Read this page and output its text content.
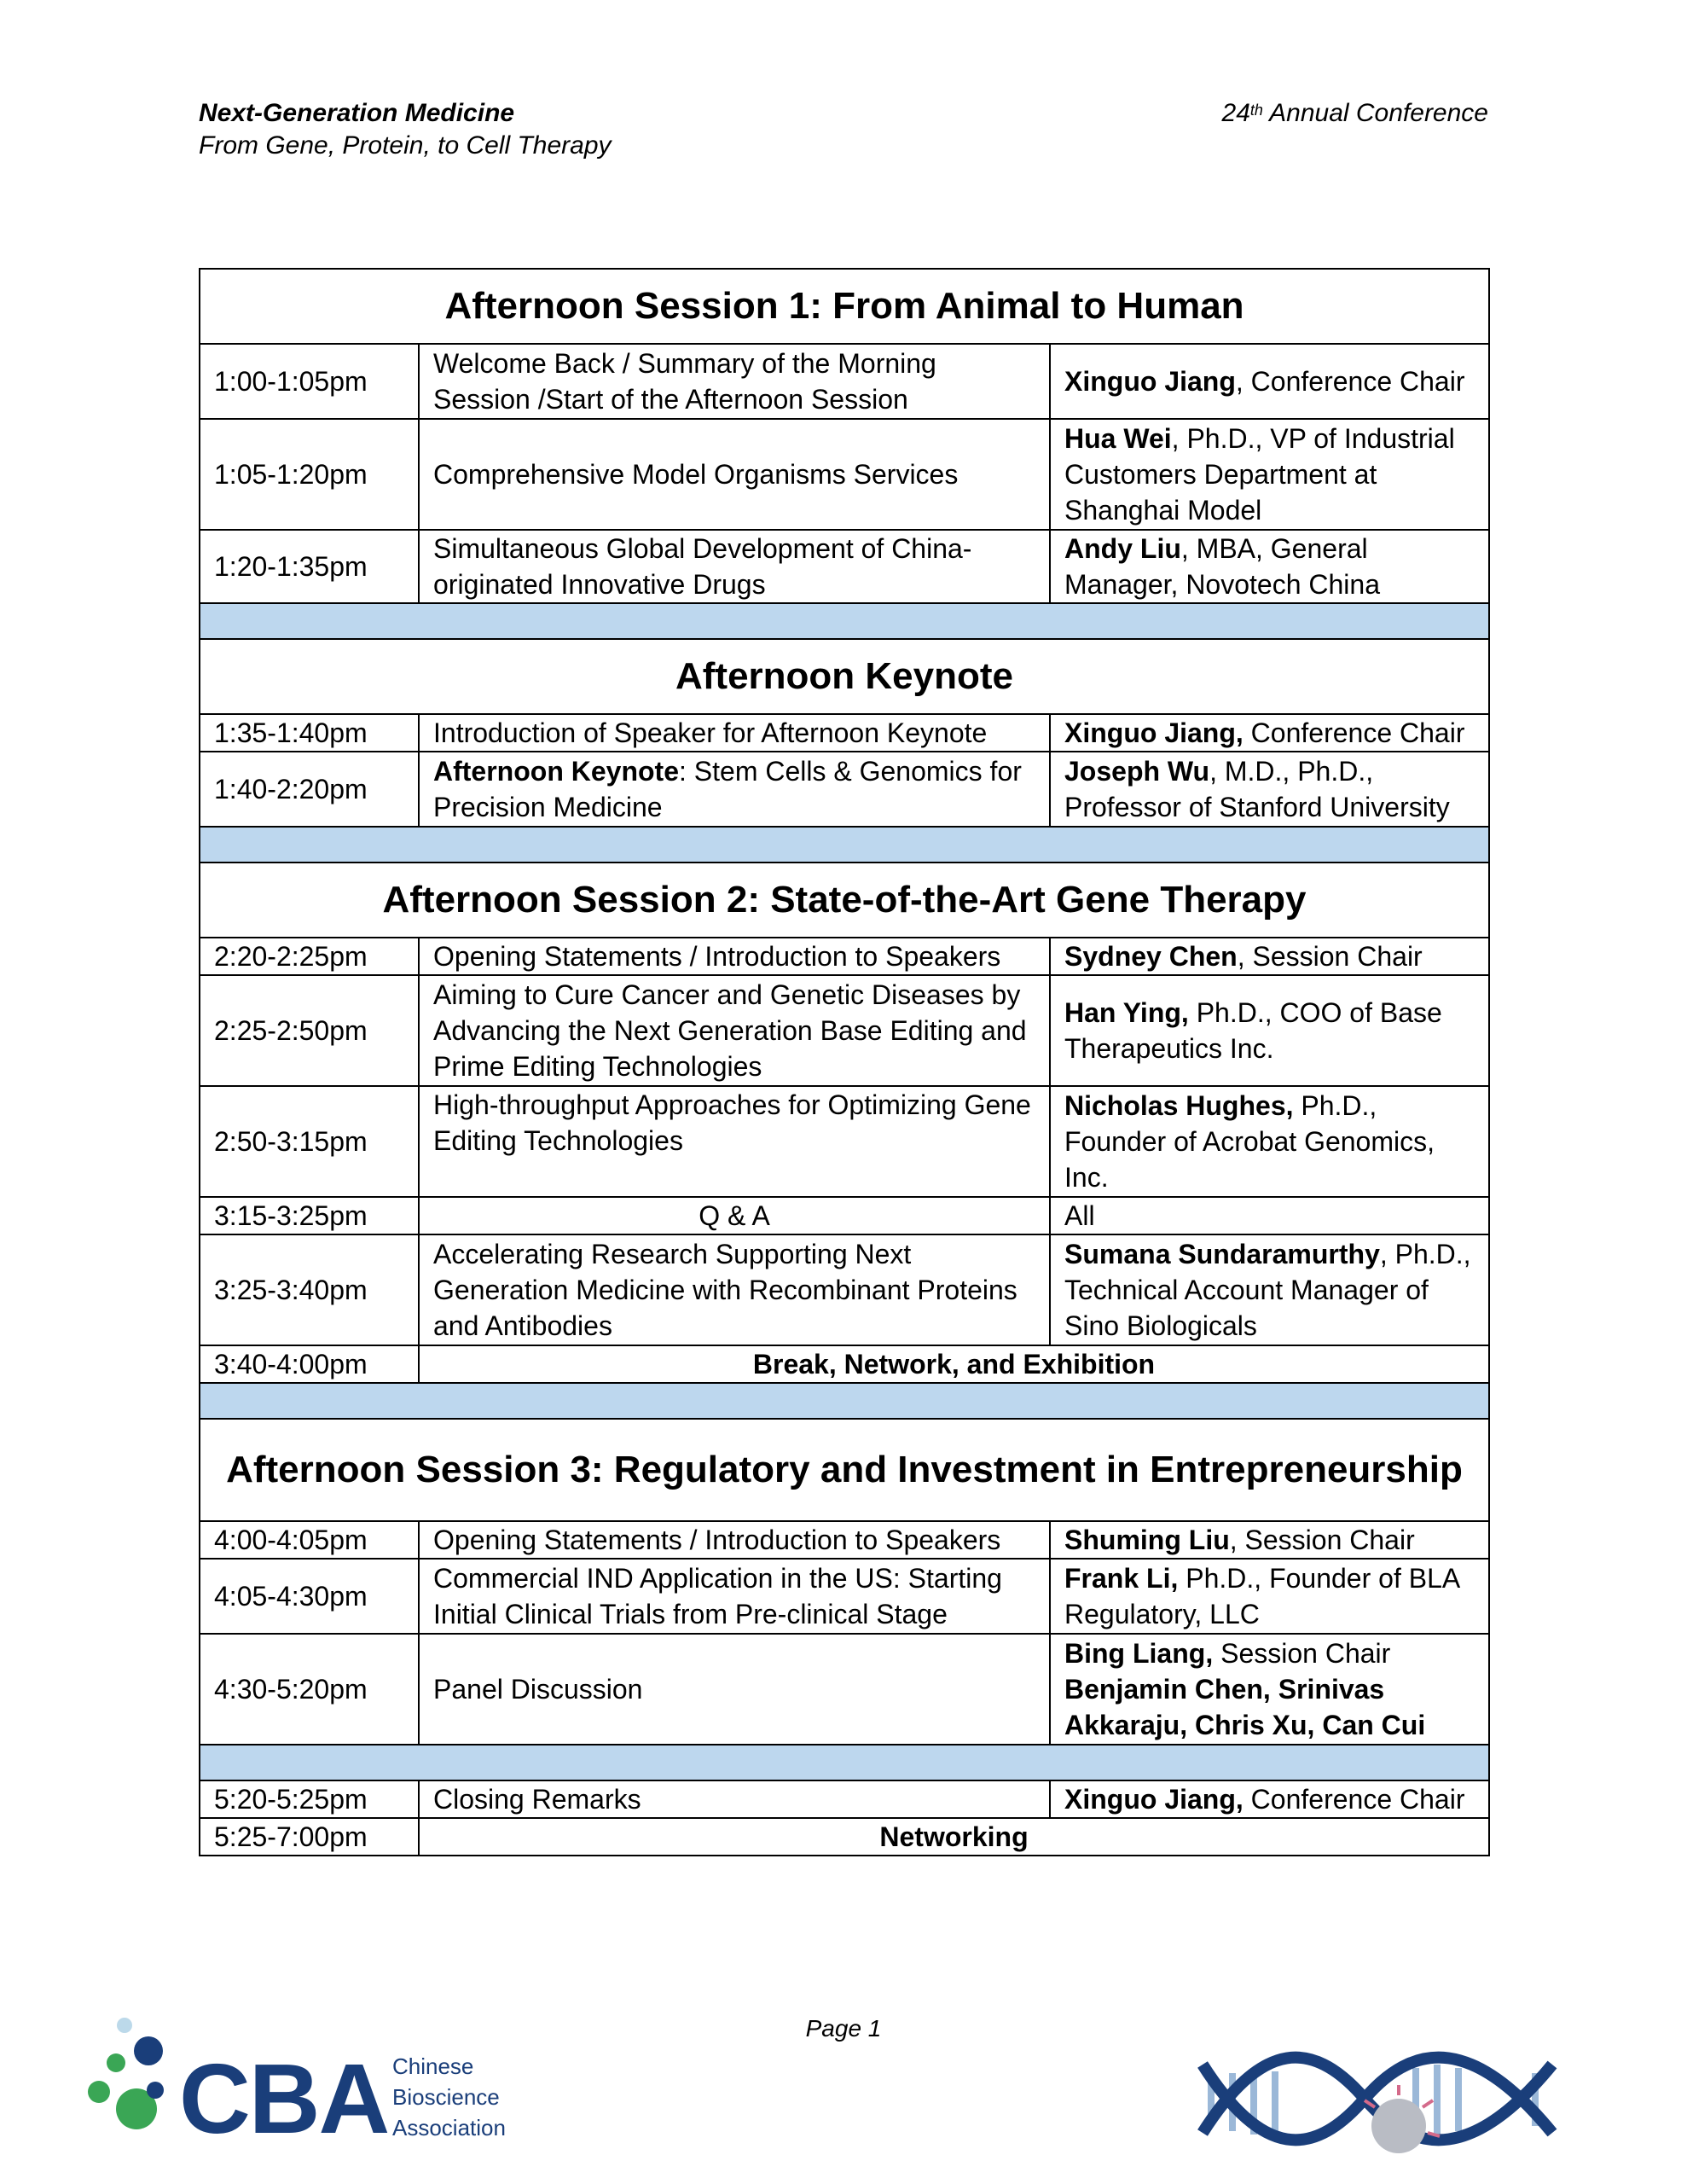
Next-Generation Medicine
From Gene, Protein, to Cell Therapy
24th Annual Conference
Afternoon Session 1: From Animal to Human		
1:00-1:05pm	Welcome Back / Summary of the Morning Session /Start of the Afternoon Session	Xinguo Jiang, Conference Chair
1:05-1:20pm	Comprehensive Model Organisms Services	Hua Wei, Ph.D., VP of Industrial Customers Department at Shanghai Model
1:20-1:35pm	Simultaneous Global Development of China-originated Innovative Drugs	Andy Liu, MBA, General Manager, Novotech China

Afternoon Keynote		
1:35-1:40pm	Introduction of Speaker for Afternoon Keynote	Xinguo Jiang, Conference Chair
1:40-2:20pm	Afternoon Keynote: Stem Cells & Genomics for Precision Medicine	Joseph Wu, M.D., Ph.D., Professor of Stanford University

Afternoon Session 2: State-of-the-Art Gene Therapy		
2:20-2:25pm	Opening Statements / Introduction to Speakers	Sydney Chen, Session Chair
2:25-2:50pm	Aiming to Cure Cancer and Genetic Diseases by Advancing the Next Generation Base Editing and Prime Editing Technologies	Han Ying, Ph.D., COO of Base Therapeutics Inc.
2:50-3:15pm	High-throughput Approaches for Optimizing Gene Editing Technologies	Nicholas Hughes, Ph.D., Founder of Acrobat Genomics, Inc.
3:15-3:25pm	Q & A	All
3:25-3:40pm	Accelerating Research Supporting Next Generation Medicine with Recombinant Proteins and Antibodies	Sumana Sundaramurthy, Ph.D., Technical Account Manager of Sino Biologicals
3:40-4:00pm	Break, Network, and Exhibition	

Afternoon Session 3: Regulatory and Investment in Entrepreneurship		
4:00-4:05pm	Opening Statements / Introduction to Speakers	Shuming Liu, Session Chair
4:05-4:30pm	Commercial IND Application in the US: Starting Initial Clinical Trials from Pre-clinical Stage	Frank Li, Ph.D., Founder of BLA Regulatory, LLC
4:30-5:20pm	Panel Discussion	Bing Liang, Session Chair
Benjamin Chen, Srinivas Akkaraju, Chris Xu, Can Cui

5:20-5:25pm	Closing Remarks	Xinguo Jiang, Conference Chair
5:25-7:00pm	Networking	
Page 1
CBA Chinese
Bioscience
Association
